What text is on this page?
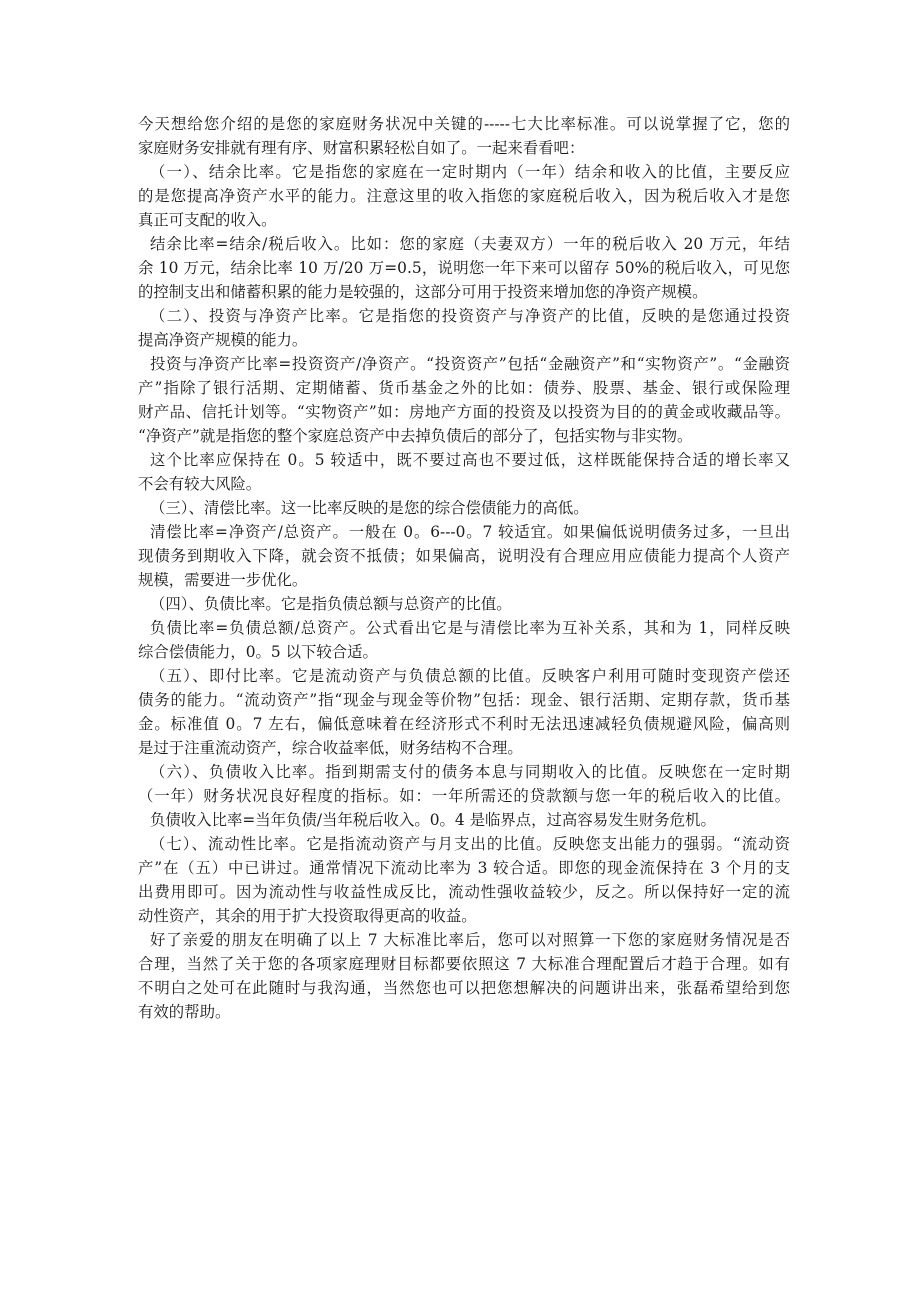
今天想给您介绍的是您的家庭财务状况中关键的-----七大比率标准。可以说掌握了它，您的
家庭财务安排就有理有序、财富积累轻松自如了。一起来看看吧：
（一）、结余比率。它是指您的家庭在一定时期内（一年）结余和收入的比值，主要反应
的是您提高净资产水平的能力。注意这里的收入指您的家庭税后收入，因为税后收入才是您
真正可支配的收入。
结余比率=结余/税后收入。比如：您的家庭（夫妻双方）一年的税后收入 20 万元，年结
余 10 万元，结余比率 10 万/20 万=0.5，说明您一年下来可以留存 50%的税后收入，可见您
的控制支出和储蓄积累的能力是较强的，这部分可用于投资来增加您的净资产规模。
（二）、投资与净资产比率。它是指您的投资资产与净资产的比值，反映的是您通过投资
提高净资产规模的能力。
投资与净资产比率=投资资产/净资产。“投资资产”包括“金融资产”和“实物资产”。“金融资
产”指除了银行活期、定期储蓄、货币基金之外的比如：债券、股票、基金、银行或保险理
财产品、信托计划等。“实物资产”如：房地产方面的投资及以投资为目的的黄金或收藏品等。
“净资产”就是指您的整个家庭总资产中去掉负债后的部分了，包括实物与非实物。
这个比率应保持在 0。5 较适中，既不要过高也不要过低，这样既能保持合适的增长率又
不会有较大风险。
（三）、清偿比率。这一比率反映的是您的综合偿债能力的高低。
清偿比率=净资产/总资产。一般在 0。6---0。7 较适宜。如果偏低说明债务过多，一旦出
现债务到期收入下降，就会资不抵债；如果偏高，说明没有合理应用应债能力提高个人资产
规模，需要进一步优化。
（四）、负债比率。它是指负债总额与总资产的比值。
负债比率=负债总额/总资产。公式看出它是与清偿比率为互补关系，其和为 1，同样反映
综合偿债能力，0。5 以下较合适。
（五）、即付比率。它是流动资产与负债总额的比值。反映客户利用可随时变现资产偿还
债务的能力。“流动资产”指“现金与现金等价物”包括：现金、银行活期、定期存款，货币基
金。标准值 0。7 左右，偏低意味着在经济形式不利时无法迅速减轻负债规避风险，偏高则
是过于注重流动资产，综合收益率低，财务结构不合理。
（六）、负债收入比率。指到期需支付的债务本息与同期收入的比值。反映您在一定时期
（一年）财务状况良好程度的指标。如：一年所需还的贷款额与您一年的税后收入的比值。
负债收入比率=当年负债/当年税后收入。0。4 是临界点，过高容易发生财务危机。
（七）、流动性比率。它是指流动资产与月支出的比值。反映您支出能力的强弱。“流动资
产”在（五）中已讲过。通常情况下流动比率为 3 较合适。即您的现金流保持在 3 个月的支
出费用即可。因为流动性与收益性成反比，流动性强收益较少，反之。所以保持好一定的流
动性资产，其余的用于扩大投资取得更高的收益。
好了亲爱的朋友在明确了以上 7 大标准比率后，您可以对照算一下您的家庭财务情况是否
合理，当然了关于您的各项家庭理财目标都要依照这 7 大标准合理配置后才趋于合理。如有
不明白之处可在此随时与我沟通，当然您也可以把您想解决的问题讲出来，张磊希望给到您
有效的帮助。
